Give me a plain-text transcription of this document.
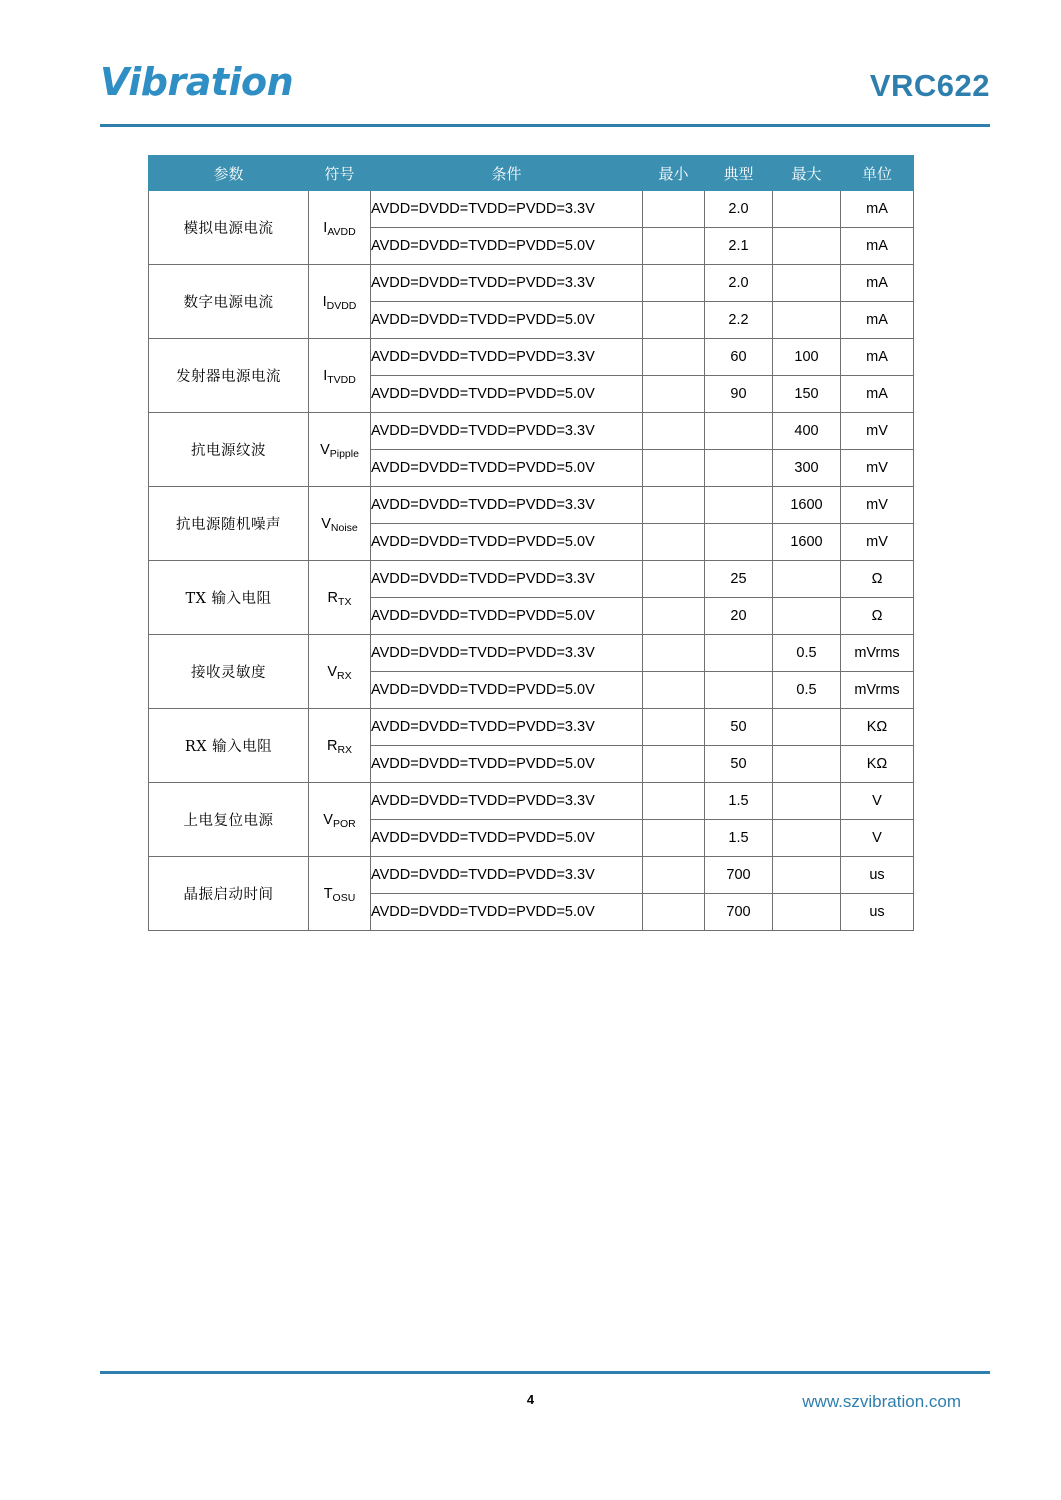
Vibration	VRC622
参数	符号	条件	最小	典型	最大	单位
模拟电源电流	$I_{AVDD}$	AVDD=DVDD=TVDD=PVDD=3.3V		2.0		mA
		AVDD=DVDD=TVDD=PVDD=5.0V		2.1		mA
数字电源电流	$I_{DVDD}$	AVDD=DVDD=TVDD=PVDD=3.3V		2.0		mA
		AVDD=DVDD=TVDD=PVDD=5.0V		2.2		mA
发射器电源电流	$I_{TVDD}$	AVDD=DVDD=TVDD=PVDD=3.3V		60	100	mA
		AVDD=DVDD=TVDD=PVDD=5.0V		90	150	mA
抗电源纹波	$V_{Pipple}$	AVDD=DVDD=TVDD=PVDD=3.3V			400	mV
		AVDD=DVDD=TVDD=PVDD=5.0V			300	mV
抗电源随机噪声	$V_{Noise}$	AVDD=DVDD=TVDD=PVDD=3.3V			1600	mV
		AVDD=DVDD=TVDD=PVDD=5.0V			1600	mV
TX 输入电阻	$R_{TX}$	AVDD=DVDD=TVDD=PVDD=3.3V		25		Ω
		AVDD=DVDD=TVDD=PVDD=5.0V		20		Ω
接收灵敏度	$V_{RX}$	AVDD=DVDD=TVDD=PVDD=3.3V			0.5	mVrms
		AVDD=DVDD=TVDD=PVDD=5.0V			0.5	mVrms
RX 输入电阻	$R_{RX}$	AVDD=DVDD=TVDD=PVDD=3.3V		50		KΩ
		AVDD=DVDD=TVDD=PVDD=5.0V		50		KΩ
上电复位电源	$V_{POR}$	AVDD=DVDD=TVDD=PVDD=3.3V		1.5		V
		AVDD=DVDD=TVDD=PVDD=5.0V		1.5		V
晶振启动时间	$T_{OSU}$	AVDD=DVDD=TVDD=PVDD=3.3V		700		us
		AVDD=DVDD=TVDD=PVDD=5.0V		700		us
4	www.szvibration.com
